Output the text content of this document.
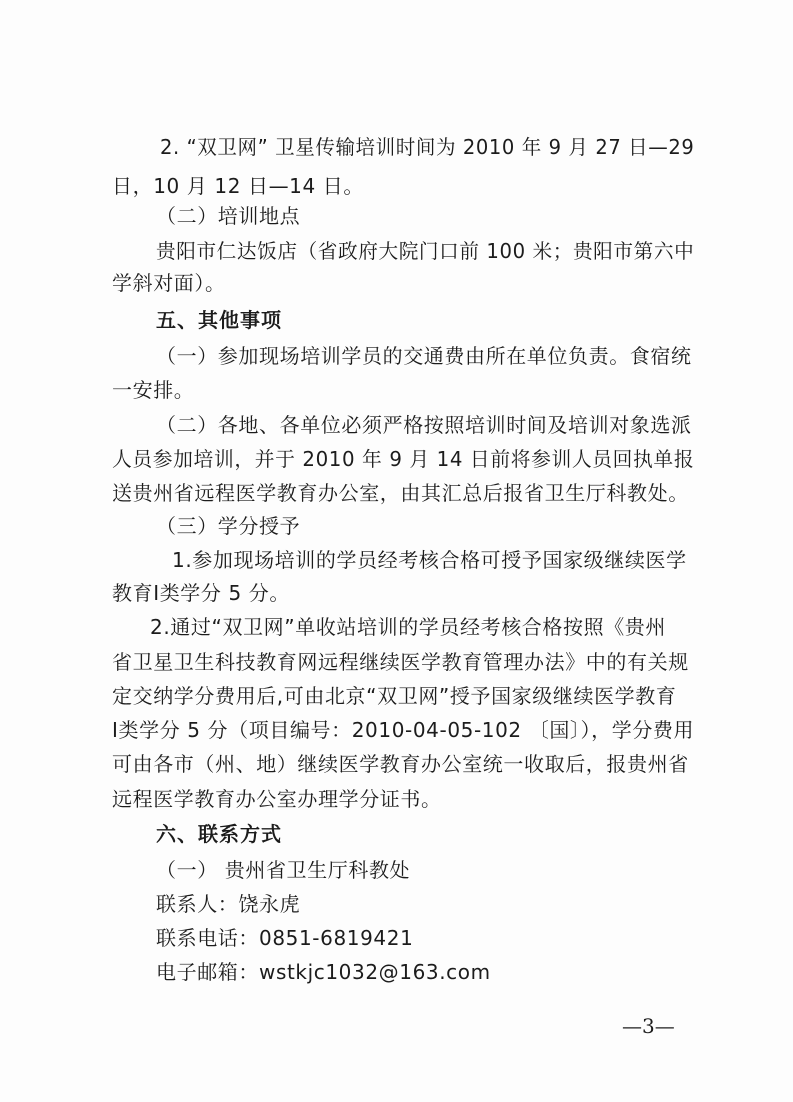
2. “双卫网” 卫星传输培训时间为 2010 年 9 月 27 日—29
日，10 月 12 日—14 日。
（二）培训地点
贵阳市仁达饭店（省政府大院门口前 100 米；贵阳市第六中
学斜对面）。
五、其他事项
（一）参加现场培训学员的交通费由所在单位负责。食宿统
一安排。
（二）各地、各单位必须严格按照培训时间及培训对象选派
人员参加培训，并于 2010 年 9 月 14 日前将参训人员回执单报
送贵州省远程医学教育办公室，由其汇总后报省卫生厅科教处。
（三）学分授予
1.参加现场培训的学员经考核合格可授予国家级继续医学
教育Ⅰ类学分 5 分。
2.通过“双卫网”单收站培训的学员经考核合格按照《贵州
省卫星卫生科技教育网远程继续医学教育管理办法》中的有关规
定交纳学分费用后,可由北京“双卫网”授予国家级继续医学教育
Ⅰ类学分 5 分（项目编号：2010-04-05-102 〔国〕），学分费用
可由各市（州、地）继续医学教育办公室统一收取后，报贵州省
远程医学教育办公室办理学分证书。
六、联系方式
（一） 贵州省卫生厅科教处
联系人：饶永虎
联系电话：0851-6819421
电子邮箱：wstkjc1032@163.com
—3—
